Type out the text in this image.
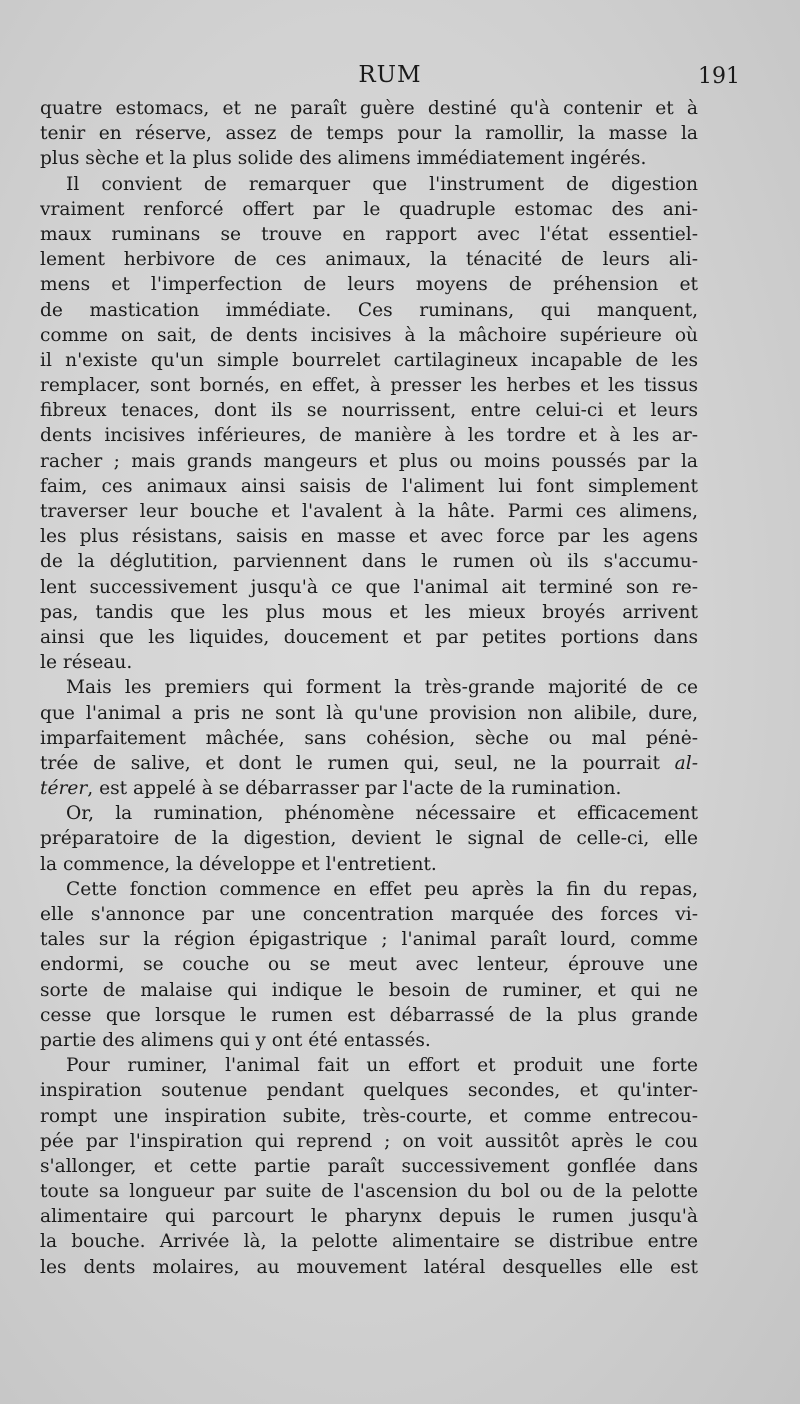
RUM	191
quatre estomacs, et ne paraît guère destiné qu'à contenir et à
tenir en réserve, assez de temps pour la ramollir, la masse la
plus sèche et la plus solide des alimens immédiatement ingérés.
Il convient de remarquer que l'instrument de digestion
vraiment renforcé offert par le quadruple estomac des ani-
maux ruminans se trouve en rapport avec l'état essentiel-
lement herbivore de ces animaux, la ténacité de leurs ali-
mens et l'imperfection de leurs moyens de préhension et
de mastication immédiate. Ces ruminans, qui manquent,
comme on sait, de dents incisives à la mâchoire supérieure où
il n'existe qu'un simple bourrelet cartilagineux incapable de les
remplacer, sont bornés, en effet, à presser les herbes et les tissus
fibreux tenaces, dont ils se nourrissent, entre celui-ci et leurs
dents incisives inférieures, de manière à les tordre et à les ar-
racher ; mais grands mangeurs et plus ou moins poussés par la
faim, ces animaux ainsi saisis de l'aliment lui font simplement
traverser leur bouche et l'avalent à la hâte. Parmi ces alimens,
les plus résistans, saisis en masse et avec force par les agens
de la déglutition, parviennent dans le rumen où ils s'accumu-
lent successivement jusqu'à ce que l'animal ait terminé son re-
pas, tandis que les plus mous et les mieux broyés arrivent
ainsi que les liquides, doucement et par petites portions dans
le réseau.
Mais les premiers qui forment la très-grande majorité de ce
que l'animal a pris ne sont là qu'une provision non alibile, dure,
imparfaitement mâchée, sans cohésion, sèche ou mal pénė-
trée de salive, et dont le rumen qui, seul, ne la pourrait al-
térer, est appelé à se débarrasser par l'acte de la rumination.
Or, la rumination, phénomène nécessaire et efficacement
préparatoire de la digestion, devient le signal de celle-ci, elle
la commence, la développe et l'entretient.
Cette fonction commence en effet peu après la fin du repas,
elle s'annonce par une concentration marquée des forces vi-
tales sur la région épigastrique ; l'animal paraît lourd, comme
endormi, se couche ou se meut avec lenteur, éprouve une
sorte de malaise qui indique le besoin de ruminer, et qui ne
cesse que lorsque le rumen est débarrassé de la plus grande
partie des alimens qui y ont été entassés.
Pour ruminer, l'animal fait un effort et produit une forte
inspiration soutenue pendant quelques secondes, et qu'inter-
rompt une inspiration subite, très-courte, et comme entrecou-
pée par l'inspiration qui reprend ; on voit aussitôt après le cou
s'allonger, et cette partie paraît successivement gonflée dans
toute sa longueur par suite de l'ascension du bol ou de la pelotte
alimentaire qui parcourt le pharynx depuis le rumen jusqu'à
la bouche. Arrivée là, la pelotte alimentaire se distribue entre
les dents molaires, au mouvement latéral desquelles elle est
